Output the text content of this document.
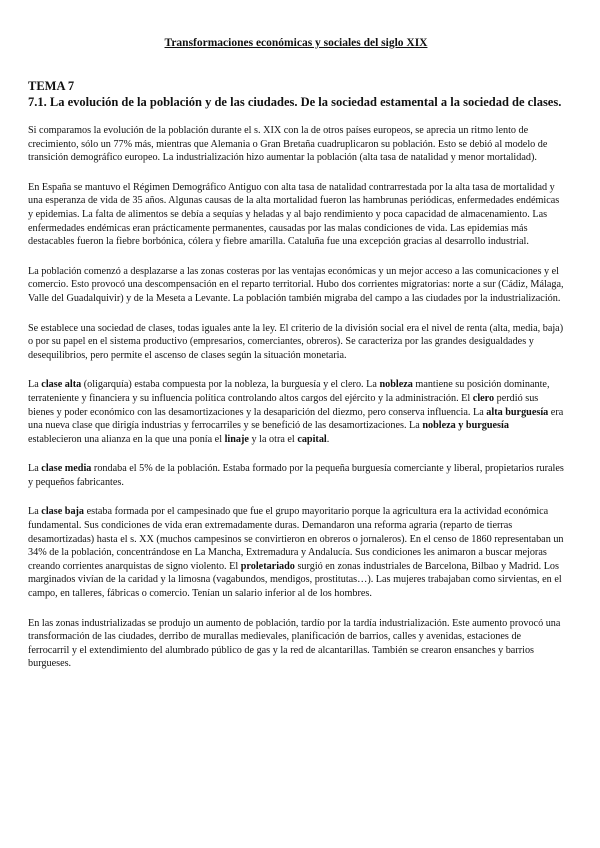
Transformaciones económicas y sociales del siglo XIX
TEMA 7
7.1. La evolución de la población y de las ciudades. De la sociedad estamental a la sociedad de clases.

Si comparamos la evolución de la población durante el s. XIX con la de otros países europeos, se aprecia un ritmo lento de crecimiento, sólo un 77% más, mientras que Alemania o Gran Bretaña cuadruplicaron su población. Esto se debió al modelo de transición demográfico europeo. La industrialización hizo aumentar la población (alta tasa de natalidad y menor mortalidad).

En España se mantuvo el Régimen Demográfico Antiguo con alta tasa de natalidad contrarrestada por la alta tasa de mortalidad y una esperanza de vida de 35 años. Algunas causas de la alta mortalidad fueron las hambrunas periódicas, enfermedades endémicas y epidemias. La falta de alimentos se debía a sequías y heladas y al bajo rendimiento y poca capacidad de almacenamiento. Las enfermedades endémicas eran prácticamente permanentes, causadas por las malas condiciones de vida. Las epidemias más destacables fueron la fiebre borbónica, cólera y fiebre amarilla. Cataluña fue una excepción gracias al desarrollo industrial.

La población comenzó a desplazarse a las zonas costeras por las ventajas económicas y un mejor acceso a las comunicaciones y el comercio. Esto provocó una descompensación en el reparto territorial. Hubo dos corrientes migratorias: norte a sur (Cádiz, Málaga, Valle del Guadalquivir) y de la Meseta a Levante. La población también migraba del campo a las ciudades por la industrialización.

Se establece una sociedad de clases, todas iguales ante la ley. El criterio de la división social era el nivel de renta (alta, media, baja) o por su papel en el sistema productivo (empresarios, comerciantes, obreros). Se caracteriza por las grandes desigualdades y desequilibrios, pero permite el ascenso de clases según la situación monetaria.

La clase alta (oligarquía) estaba compuesta por la nobleza, la burguesía y el clero. La nobleza mantiene su posición dominante, terrateniente y financiera y su influencia política controlando altos cargos del ejército y la administración. El clero perdió sus bienes y poder económico con las desamortizaciones y la desaparición del diezmo, pero conserva influencia. La alta burguesía era una nueva clase que dirigía industrias y ferrocarriles y se benefició de las desamortizaciones. La nobleza y burguesía establecieron una alianza en la que una ponía el linaje y la otra el capital.

La clase media rondaba el 5% de la población. Estaba formado por la pequeña burguesía comerciante y liberal, propietarios rurales y pequeños fabricantes.

La clase baja estaba formada por el campesinado que fue el grupo mayoritario porque la agricultura era la actividad económica fundamental. Sus condiciones de vida eran extremadamente duras. Demandaron una reforma agraria (reparto de tierras desamortizadas) hasta el s. XX (muchos campesinos se convirtieron en obreros o jornaleros). En el censo de 1860 representaban un 34% de la población, concentrándose en La Mancha, Extremadura y Andalucía. Sus condiciones les animaron a buscar mejoras creando corrientes anarquistas de signo violento. El proletariado surgió en zonas industriales de Barcelona, Bilbao y Madrid. Los marginados vivían de la caridad y la limosna (vagabundos, mendigos, prostitutas…). Las mujeres trabajaban como sirvientas, en el campo, en talleres, fábricas o comercio. Tenían un salario inferior al de los hombres.

En las zonas industrializadas se produjo un aumento de población, tardío por la tardía industrialización. Este aumento provocó una transformación de las ciudades, derribo de murallas medievales, planificación de barrios, calles y avenidas, estaciones de ferrocarril y el extendimiento del alumbrado público de gas y la red de alcantarillas. También se crearon ensanches y barrios burgueses.
